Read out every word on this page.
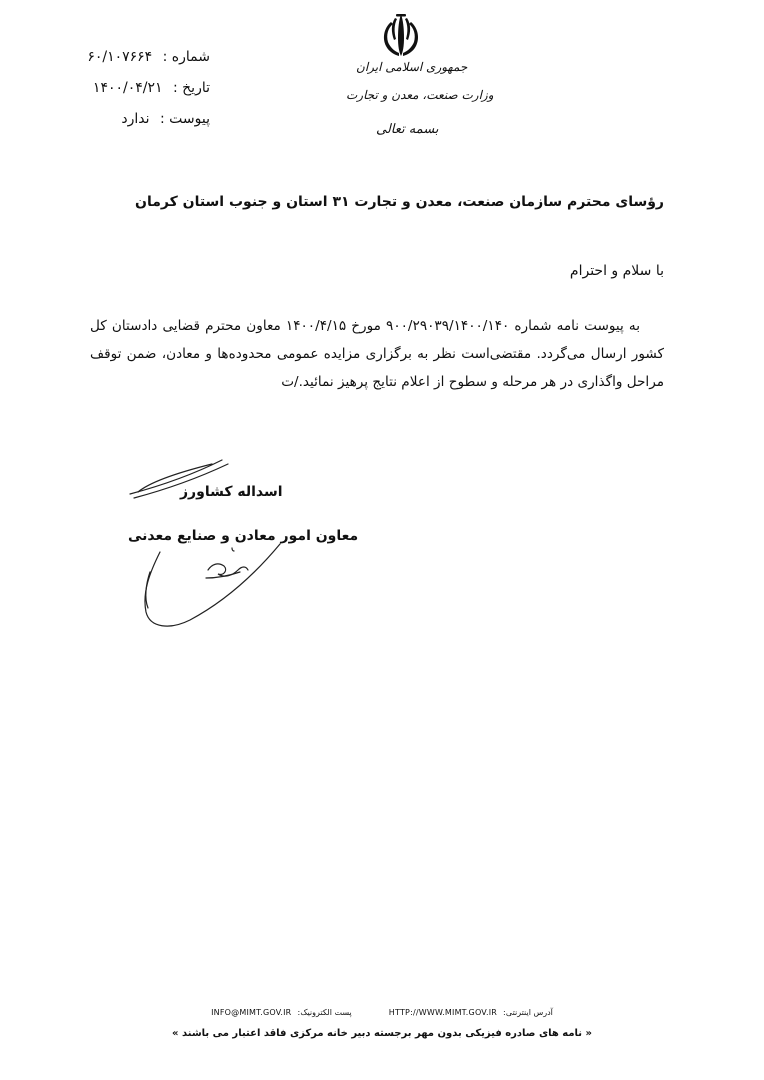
شماره : ۶۰/۱۰۷۶۶۴
تاریخ : ۱۴۰۰/۰۴/۲۱
پیوست : ندارد
جمهوری اسلامی ایران
وزارت صنعت، معدن و تجارت
بسمه تعالی
رؤسای محترم سازمان صنعت، معدن و تجارت ۳۱ استان و جنوب استان کرمان
با سلام و احترام
به پیوست نامه شماره ۹۰۰/۲۹۰۳۹/۱۴۰۰/۱۴۰ مورخ ۱۴۰۰/۴/۱۵ معاون محترم قضایی دادستان کل کشور ارسال می‌گردد. مقتضی‌است نظر به برگزاری مزایده عمومی محدوده‌ها و معادن، ضمن توقف مراحل واگذاری در هر مرحله و سطوح از اعلام نتایج پرهیز نمائید./ت
اسداله کشاورز
معاون امور معادن و صنایع معدنی
INFO@MIMT.GOV.IR :پست الکترونیک	HTTP://WWW.MIMT.GOV.IR :آدرس اینترنتی
« نامه های صادره فیزیکی بدون مهر برجسته دبیر خانه مرکزی فاقد اعتبار می باشند »
